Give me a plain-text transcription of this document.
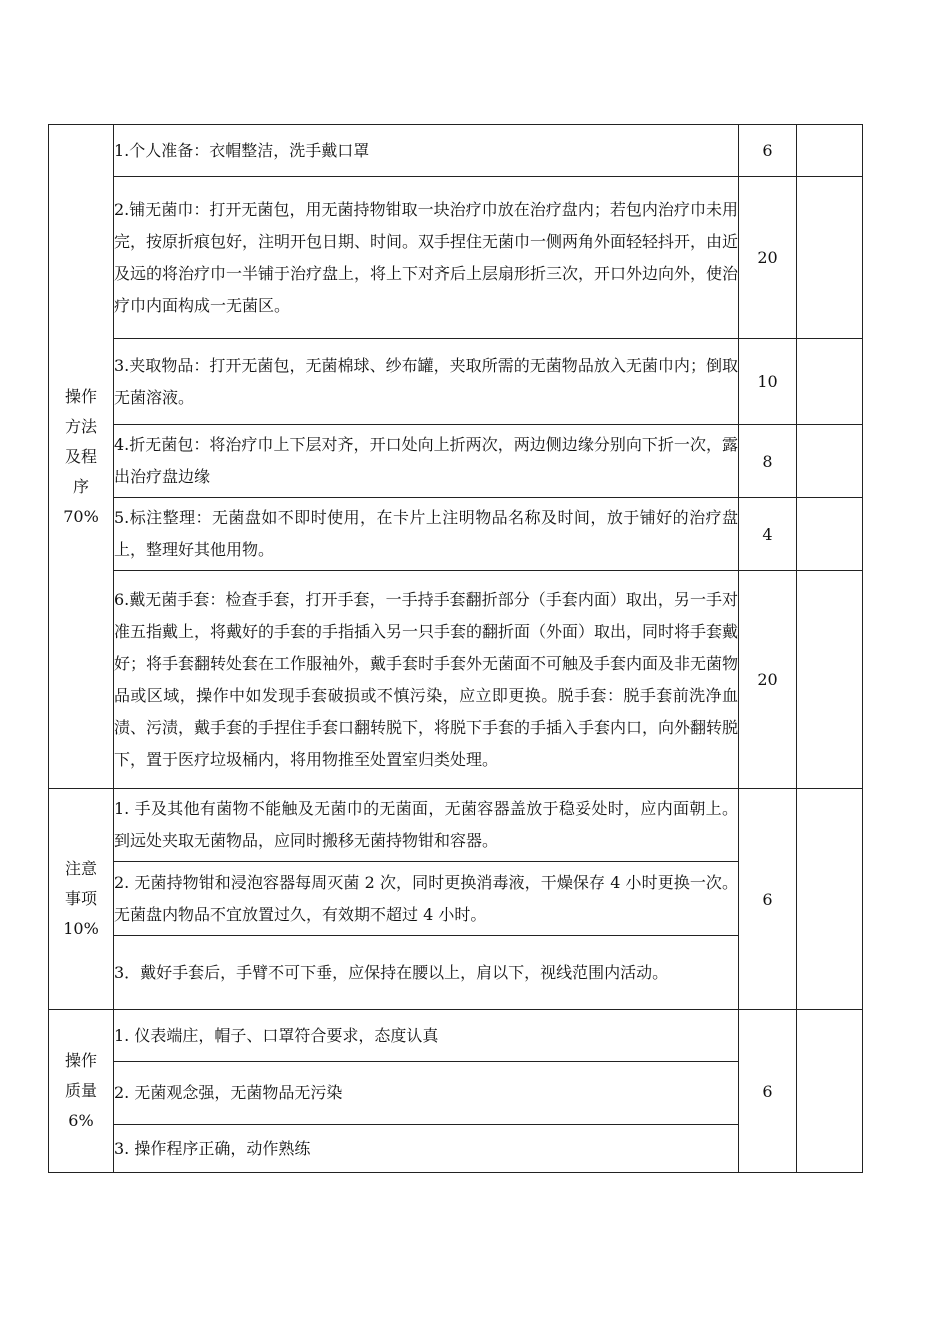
操作
方法
及程
序
70%	1.个人准备：衣帽整洁，洗手戴口罩	6	
	2.铺无菌巾：打开无菌包，用无菌持物钳取一块治疗巾放在治疗盘内；若包内治疗巾未用完，按原折痕包好，注明开包日期、时间。双手捏住无菌巾一侧两角外面轻轻抖开，由近及远的将治疗巾一半铺于治疗盘上，将上下对齐后上层扇形折三次，开口外边向外，使治疗巾内面构成一无菌区。	20	
	3.夹取物品：打开无菌包，无菌棉球、纱布罐，夹取所需的无菌物品放入无菌巾内；倒取无菌溶液。	10	
	4.折无菌包：将治疗巾上下层对齐，开口处向上折两次，两边侧边缘分别向下折一次，露出治疗盘边缘	8	
	5.标注整理：无菌盘如不即时使用，在卡片上注明物品名称及时间，放于铺好的治疗盘上，整理好其他用物。	4	
	6.戴无菌手套：检查手套，打开手套，一手持手套翻折部分（手套内面）取出，另一手对准五指戴上，将戴好的手套的手指插入另一只手套的翻折面（外面）取出，同时将手套戴好；将手套翻转处套在工作服袖外，戴手套时手套外无菌面不可触及手套内面及非无菌物品或区域，操作中如发现手套破损或不慎污染，应立即更换。脱手套：脱手套前洗净血渍、污渍，戴手套的手捏住手套口翻转脱下，将脱下手套的手插入手套内口，向外翻转脱下，置于医疗垃圾桶内，将用物推至处置室归类处理。	20	

注意
事项
10%	1. 手及其他有菌物不能触及无菌巾的无菌面，无菌容器盖放于稳妥处时，应内面朝上。到远处夹取无菌物品，应同时搬移无菌持物钳和容器。	6	
	2. 无菌持物钳和浸泡容器每周灭菌 2 次，同时更换消毒液，干燥保存 4 小时更换一次。无菌盘内物品不宜放置过久，有效期不超过 4 小时。		
	3．戴好手套后，手臂不可下垂，应保持在腰以上，肩以下，视线范围内活动。		

操作
质量
6%	1. 仪表端庄，帽子、口罩符合要求，态度认真	6	
	2. 无菌观念强，无菌物品无污染		
	3. 操作程序正确，动作熟练		
